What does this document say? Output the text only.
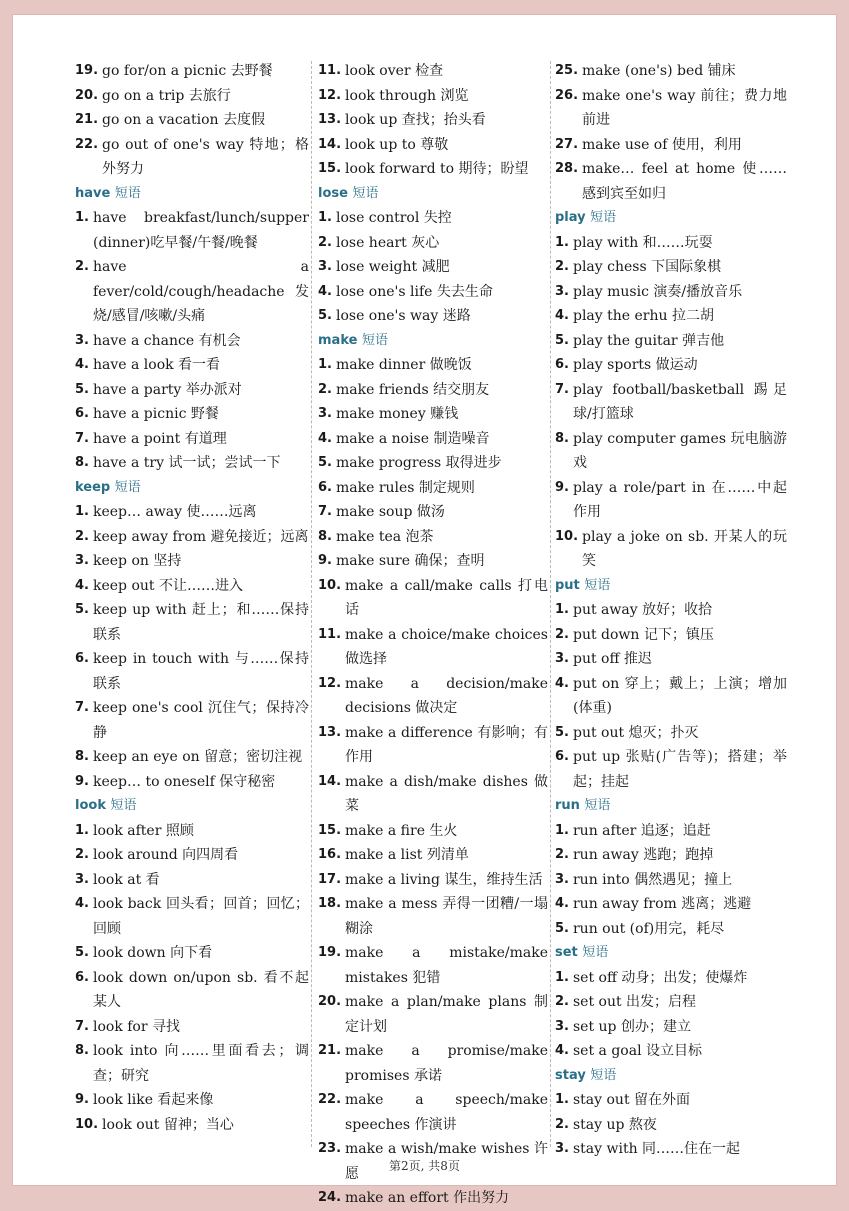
19. go for/on a picnic 去野餐
20. go on a trip 去旅行
21. go on a vacation 去度假
22. go out of one's way 特地；格外努力
have 短语
1. have breakfast/lunch/supper (dinner)吃早餐/午餐/晚餐
2. have a fever/cold/cough/headache 发烧/感冒/咳嗽/头痛
3. have a chance 有机会
4. have a look 看一看
5. have a party 举办派对
6. have a picnic 野餐
7. have a point 有道理
8. have a try 试一试；尝试一下
keep 短语
1. keep… away 使……远离
2. keep away from 避免接近；远离
3. keep on 坚持
4. keep out 不让……进入
5. keep up with 赶上；和……保持联系
6. keep in touch with 与……保持联系
7. keep one's cool 沉住气；保持冷静
8. keep an eye on 留意；密切注视
9. keep… to oneself 保守秘密
look 短语
1. look after 照顾
2. look around 向四周看
3. look at 看
4. look back 回头看；回首；回忆；回顾
5. look down 向下看
6. look down on/upon sb. 看不起某人
7. look for 寻找
8. look into 向……里面看去；调查；研究
9. look like 看起来像
10. look out 留神；当心
11. look over 检查
12. look through 浏览
13. look up 查找；抬头看
14. look up to 尊敬
15. look forward to 期待；盼望
lose 短语
1. lose control 失控
2. lose heart 灰心
3. lose weight 减肥
4. lose one's life 失去生命
5. lose one's way 迷路
make 短语
1. make dinner 做晚饭
2. make friends 结交朋友
3. make money 赚钱
4. make a noise 制造噪音
5. make progress 取得进步
6. make rules 制定规则
7. make soup 做汤
8. make tea 泡茶
9. make sure 确保；查明
10. make a call/make calls 打电话
11. make a choice/make choices 做选择
12. make a decision/make decisions 做决定
13. make a difference 有影响；有作用
14. make a dish/make dishes 做菜
15. make a fire 生火
16. make a list 列清单
17. make a living 谋生，维持生活
18. make a mess 弄得一团糟/一塌糊涂
19. make a mistake/make mistakes 犯错
20. make a plan/make plans 制定计划
21. make a promise/make promises 承诺
22. make a speech/make speeches 作演讲
23. make a wish/make wishes 许愿
24. make an effort 作出努力
25. make (one's) bed 铺床
26. make one's way 前往；费力地前进
27. make use of 使用，利用
28. make… feel at home 使……感到宾至如归
play 短语
1. play with 和……玩耍
2. play chess 下国际象棋
3. play music 演奏/播放音乐
4. play the erhu 拉二胡
5. play the guitar 弹吉他
6. play sports 做运动
7. play football/basketball 踢足球/打篮球
8. play computer games 玩电脑游戏
9. play a role/part in 在……中起作用
10. play a joke on sb. 开某人的玩笑
put 短语
1. put away 放好；收拾
2. put down 记下；镇压
3. put off 推迟
4. put on 穿上；戴上；上演；增加(体重)
5. put out 熄灭；扑灭
6. put up 张贴(广告等)；搭建；举起；挂起
run 短语
1. run after 追逐；追赶
2. run away 逃跑；跑掉
3. run into 偶然遇见；撞上
4. run away from 逃离；逃避
5. run out (of)用完，耗尽
set 短语
1. set off 动身；出发；使爆炸
2. set out 出发；启程
3. set up 创办；建立
4. set a goal 设立目标
stay 短语
1. stay out 留在外面
2. stay up 熬夜
3. stay with 同……住在一起
第2页, 共8页
